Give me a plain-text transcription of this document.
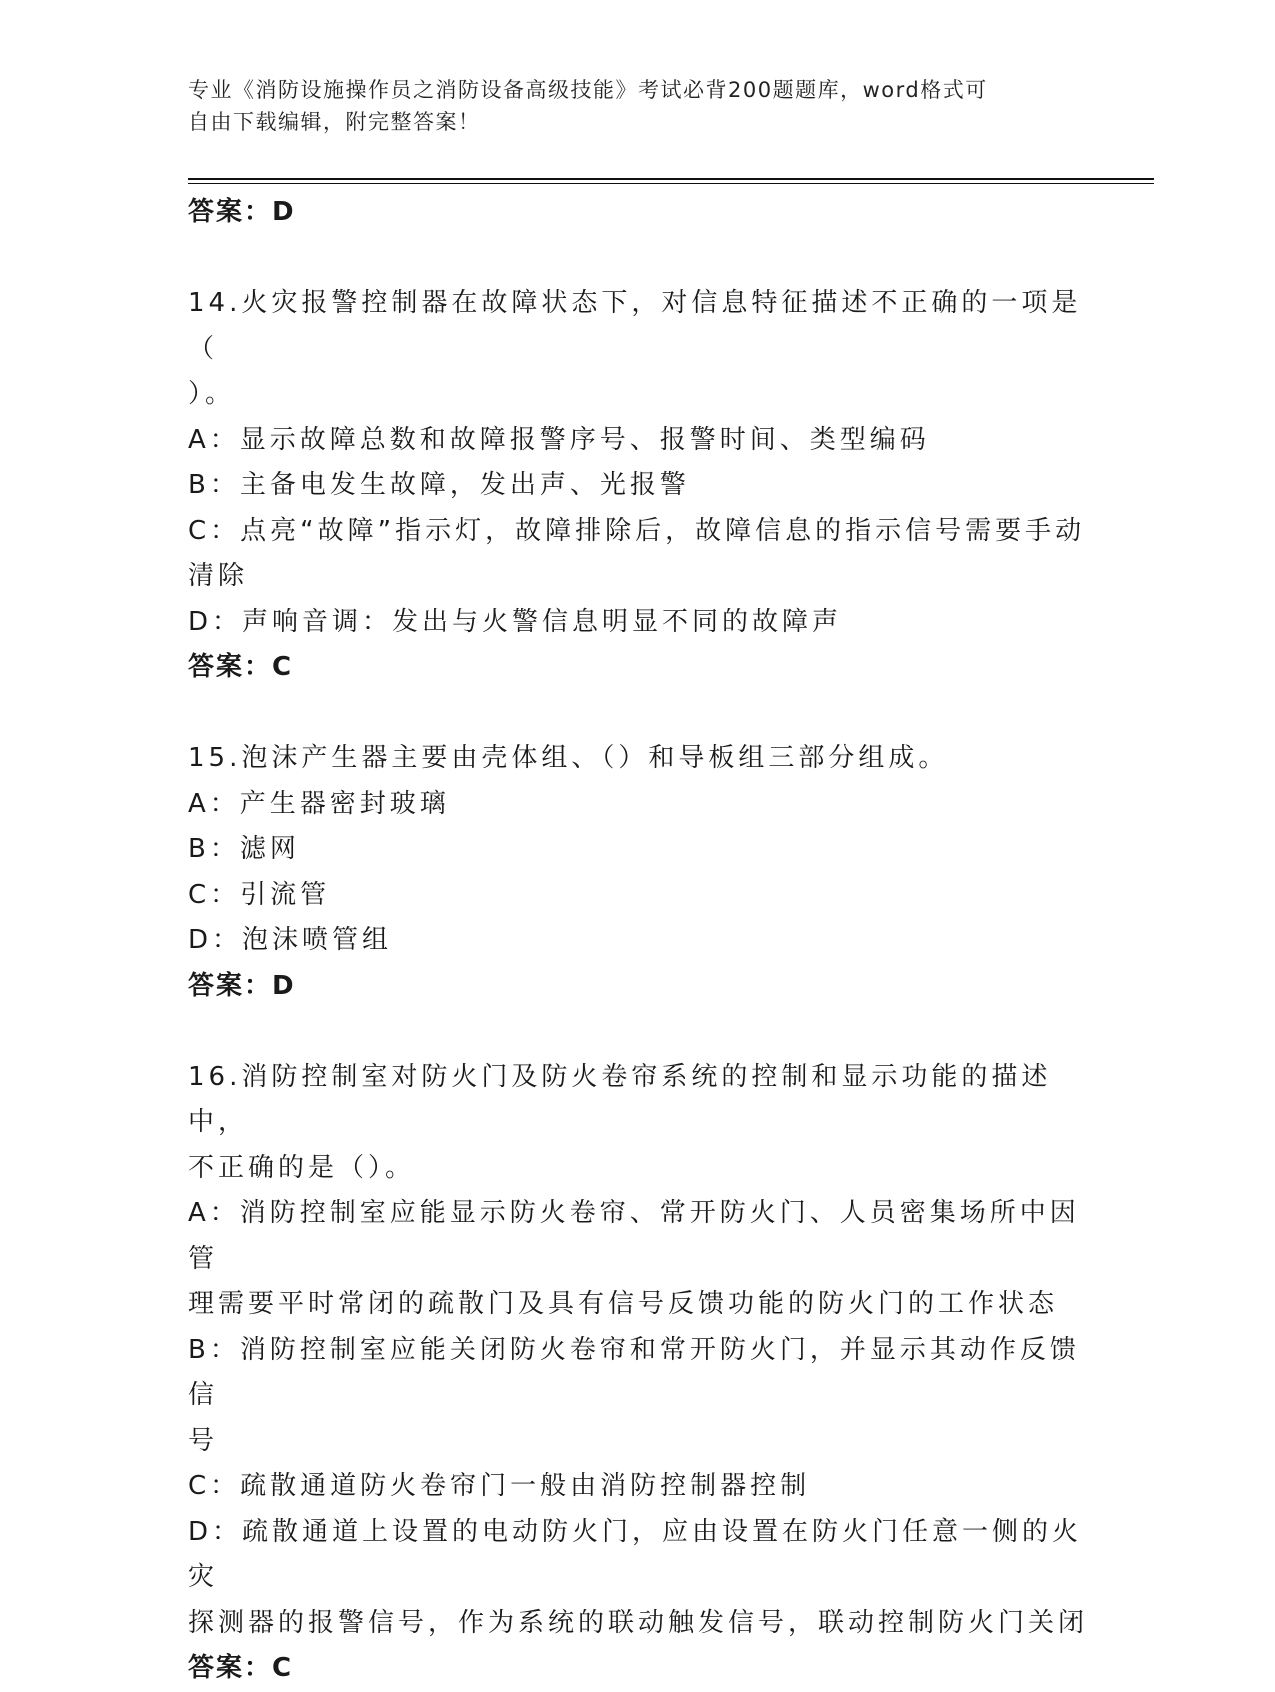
专业《消防设施操作员之消防设备高级技能》考试必背200题题库，word格式可
自由下载编辑，附完整答案！
答案：D
14.火灾报警控制器在故障状态下，对信息特征描述不正确的一项是（
）。
A：显示故障总数和故障报警序号、报警时间、类型编码
B：主备电发生故障，发出声、光报警
C：点亮“故障”指示灯，故障排除后，故障信息的指示信号需要手动
清除
D：声响音调：发出与火警信息明显不同的故障声
答案：C
15.泡沫产生器主要由壳体组、（）和导板组三部分组成。
A：产生器密封玻璃
B：滤网
C：引流管
D：泡沫喷管组
答案：D
16.消防控制室对防火门及防火卷帘系统的控制和显示功能的描述中，
不正确的是（）。
A：消防控制室应能显示防火卷帘、常开防火门、人员密集场所中因管
理需要平时常闭的疏散门及具有信号反馈功能的防火门的工作状态
B：消防控制室应能关闭防火卷帘和常开防火门，并显示其动作反馈信
号
C：疏散通道防火卷帘门一般由消防控制器控制
D：疏散通道上设置的电动防火门，应由设置在防火门任意一侧的火灾
探测器的报警信号，作为系统的联动触发信号，联动控制防火门关闭
答案：C
